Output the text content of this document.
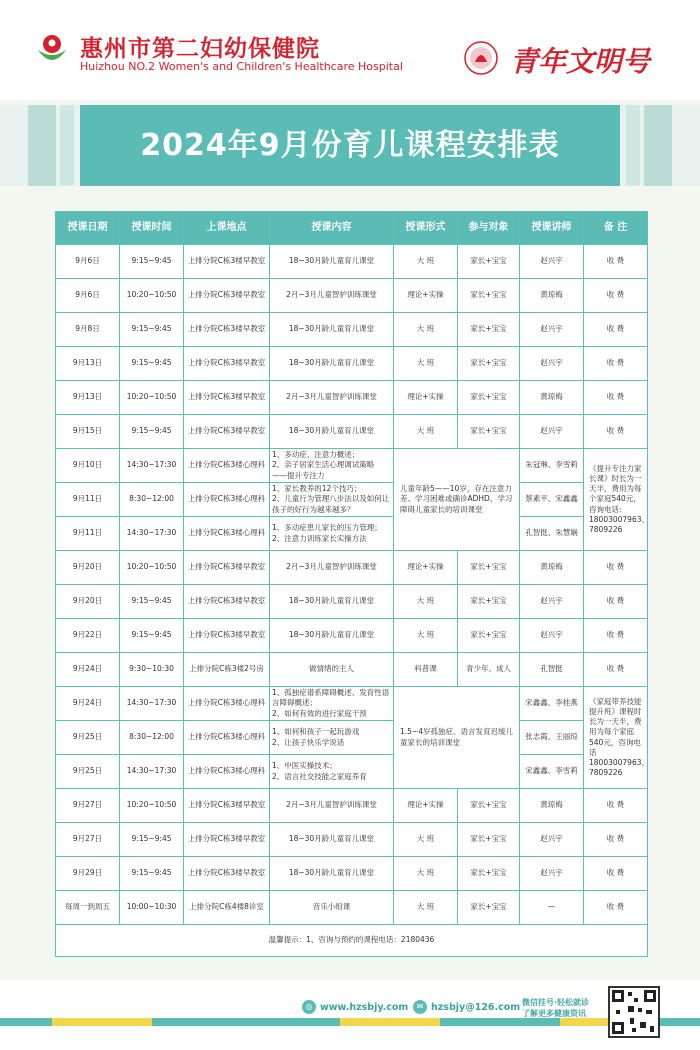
惠州市第二妇幼保健院
Huizhou NO.2 Women's and Children's Healthcare Hospital	青年文明号
2024年9月份育儿课程安排表
授课日期	授课时间	上课地点	授课内容	授课形式	参与对象	授课讲师	备 注
9月6日	9:15~9:45	上排分院C栋3楼早教室	18~30月龄儿童育儿课堂	大 班	家长+宝宝	赵兴宇	收 费
9月6日	10:20~10:50	上排分院C栋3楼早教室	2月~3月儿童智护训练课堂	理论+实操	家长+宝宝	黄琼梅	收 费
9月8日	9:15~9:45	上排分院C栋3楼早教室	18~30月龄儿童育儿课堂	大 班	家长+宝宝	赵兴宇	收 费
9月13日	9:15~9:45	上排分院C栋3楼早教室	18~30月龄儿童育儿课堂	大 班	家长+宝宝	赵兴宇	收 费
9月13日	10:20~10:50	上排分院C栋3楼早教室	2月~3月儿童智护训练课堂	理论+实操	家长+宝宝	黄琼梅	收 费
9月15日	9:15~9:45	上排分院C栋3楼早教室	18~30月龄儿童育儿课堂	大 班	家长+宝宝	赵兴宇	收 费
9月10日	14:30~17:30	上排分院C栋3楼心理科	1、多动症、注意力概述；
2、亲子居家生活心理调试策略
——提升专注力	儿童年龄5——10岁，存在注意力差、学习困难或确诊ADHD、学习障碍儿童家长的培训课堂		朱冠琳、李雪莉	《提升专注力家长课》时长为一天半，费用为每个家庭540元，咨询电话：18003007963、7809226
9月11日	8:30~12:00	上排分院C栋3楼心理科	1、家长教养的12个技巧；
2、儿童行为管理八步法以及如何让孩子的好行为越来越多？			蔡素平、宋鑫鑫	
9月11日	14:30~17:30	上排分院C栋3楼心理科	1、多动症患儿家长的压力管理；
2、注意力训练家长实操方法			孔智挺、朱慧娴	
9月20日	10:20~10:50	上排分院C栋3楼早教室	2月~3月儿童智护训练课堂	理论+实操	家长+宝宝	黄琼梅	收 费
9月20日	9:15~9:45	上排分院C栋3楼早教室	18~30月龄儿童育儿课堂	大 班	家长+宝宝	赵兴宇	收 费
9月22日	9:15~9:45	上排分院C栋3楼早教室	18~30月龄儿童育儿课堂	大 班	家长+宝宝	赵兴宇	收 费
9月24日	9:30~10:30	上排分院C栋3楼2号房	做情绪的主人	科普课	青少年、成人	孔智挺	收 费
9月24日	14:30~17:30	上排分院C栋3楼心理科	1、孤独症谱系障碍概述、发育性语言障碍概述；
2、如何有效的进行家庭干预	1.5~4岁孤独症、语言发育迟缓儿童家长的培训课堂		宋鑫鑫、李桂燕	《家庭带养技能提升班》课程时长为一天半，费用为每个家庭540元，咨询电话18003007963、7809226
9月25日	8:30~12:00	上排分院C栋3楼心理科	1、如何和孩子一起玩游戏
2、让孩子快乐学说话			张志霞、王丽琼	
9月25日	14:30~17:30	上排分院C栋3楼心理科	1、中医实操技术；
2、语言社交技能之家庭养育			宋鑫鑫、李雪莉	
9月27日	10:20~10:50	上排分院C栋3楼早教室	2月~3月儿童智护训练课堂	理论+实操	家长+宝宝	黄琼梅	收 费
9月27日	9:15~9:45	上排分院C栋3楼早教室	18~30月龄儿童育儿课堂	大 班	家长+宝宝	赵兴宇	收 费
9月29日	9:15~9:45	上排分院C栋3楼早教室	18~30月龄儿童育儿课堂	大 班	家长+宝宝	赵兴宇	收 费
每周一到周五	10:00~10:30	上排分院C栋4楼8诊室	音乐小组课	大 班	家长+宝宝	—	收 费
温馨提示：1、咨询与预约的课程电话：2180436							
◎ www.hzsbjy.com	✉ hzsbjy@126.com 微信挂号·轻松就诊
了解更多健康资讯
